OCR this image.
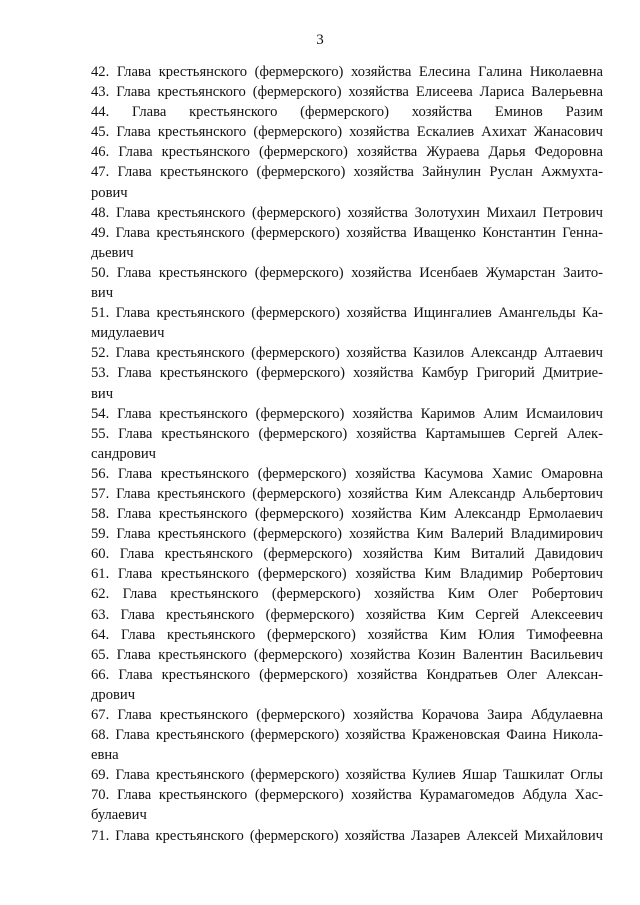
3
42. Глава крестьянского (фермерского) хозяйства Елесина Галина Николаевна
43. Глава крестьянского (фермерского) хозяйства Елисеева Лариса Валерьевна
44. Глава крестьянского (фермерского) хозяйства Еминов Разим
45. Глава крестьянского (фермерского) хозяйства Ескалиев Ахихат Жанасович
46. Глава крестьянского (фермерского) хозяйства Жураева Дарья Федоровна
47. Глава крестьянского (фермерского) хозяйства Зайнулин Руслан Ажмухта-
рович
48. Глава крестьянского (фермерского) хозяйства Золотухин Михаил Петрович
49. Глава крестьянского (фермерского) хозяйства Иващенко Константин Генна-
дьевич
50. Глава крестьянского (фермерского) хозяйства Исенбаев Жумарстан Заито-
вич
51. Глава крестьянского (фермерского) хозяйства Ищингалиев Амангельды Ка-
мидулаевич
52. Глава крестьянского (фермерского) хозяйства Казилов Александр Алтаевич
53. Глава крестьянского (фермерского) хозяйства Камбур Григорий Дмитрие-
вич
54. Глава крестьянского (фермерского) хозяйства Каримов Алим Исмаилович
55. Глава крестьянского (фермерского) хозяйства Картамышев Сергей Алек-
сандрович
56. Глава крестьянского (фермерского) хозяйства Касумова Хамис Омаровна
57. Глава крестьянского (фермерского) хозяйства Ким Александр Альбертович
58. Глава крестьянского (фермерского) хозяйства Ким Александр Ермолаевич
59. Глава крестьянского (фермерского) хозяйства Ким Валерий Владимирович
60. Глава крестьянского (фермерского) хозяйства Ким Виталий Давидович
61. Глава крестьянского (фермерского) хозяйства Ким Владимир Робертович
62. Глава крестьянского (фермерского) хозяйства Ким Олег Робертович
63. Глава крестьянского (фермерского) хозяйства Ким Сергей Алексеевич
64. Глава крестьянского (фермерского) хозяйства Ким Юлия Тимофеевна
65. Глава крестьянского (фермерского) хозяйства Козин Валентин Васильевич
66. Глава крестьянского (фермерского) хозяйства Кондратьев Олег Алексан-
дрович
67. Глава крестьянского (фермерского) хозяйства Корачова Заира Абдулаевна
68. Глава крестьянского (фермерского) хозяйства Краженовская Фаина Никола-
евна
69. Глава крестьянского (фермерского) хозяйства Кулиев Яшар Ташкилат Оглы
70. Глава крестьянского (фермерского) хозяйства Курамагомедов Абдула Хас-
булаевич
71. Глава крестьянского (фермерского) хозяйства Лазарев Алексей Михайлович
